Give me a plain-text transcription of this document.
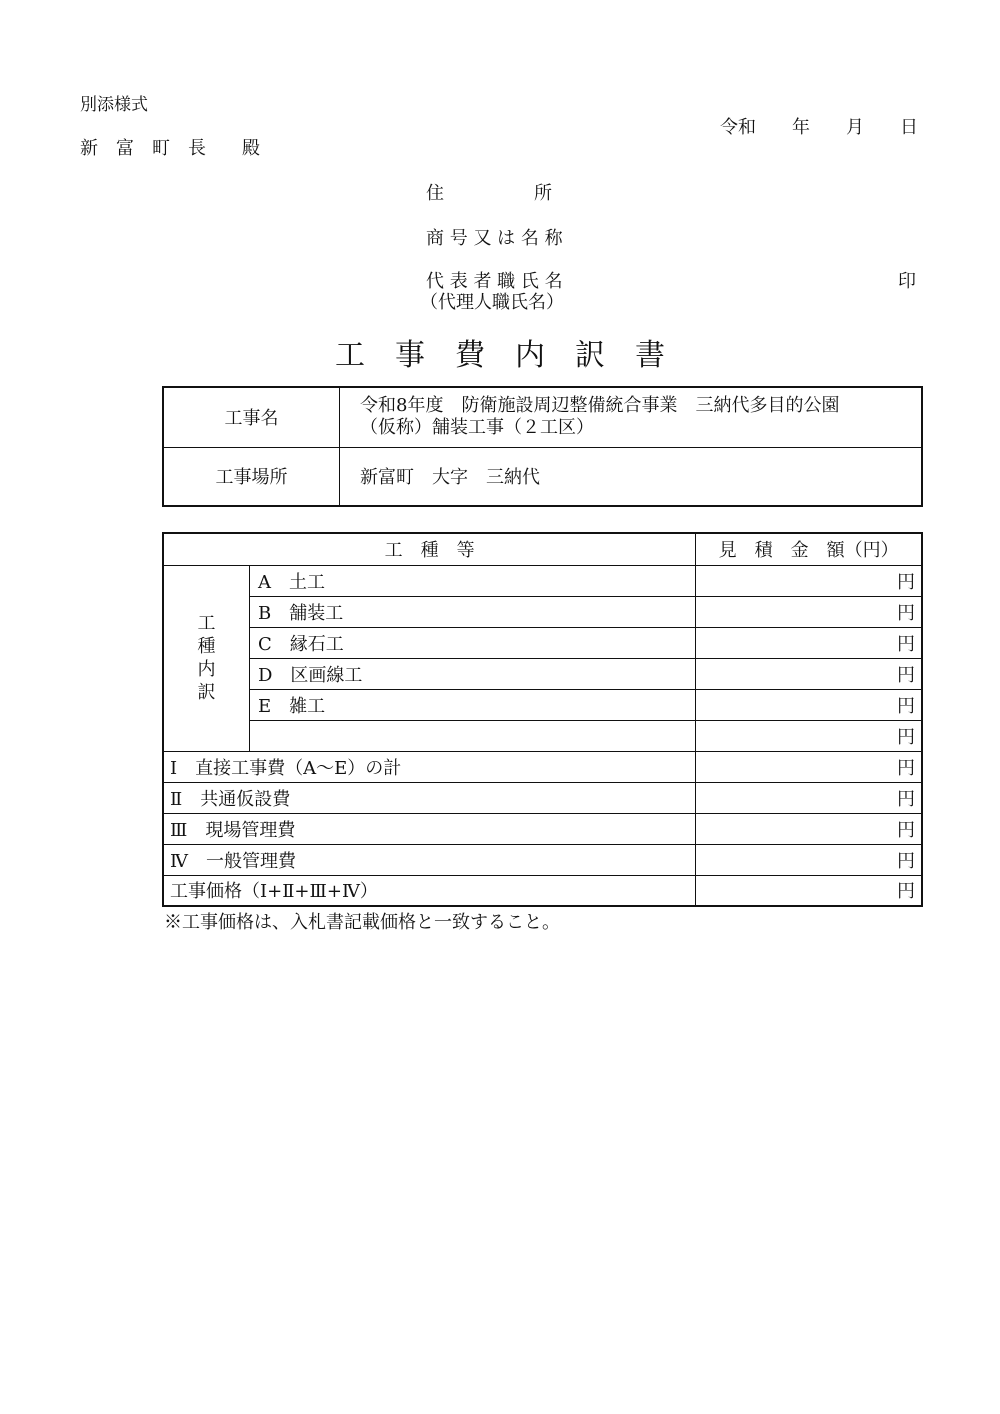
別添様式
令和　　年　　月　　日
新　富　町　長　　殿
住　　　　　所
商 号 又 は 名 称
代 表 者 職 氏 名	印
（代理人職氏名）
工　事　費　内　訳　書
工事名	令和8年度　防衛施設周辺整備統合事業　三納代多目的公園
（仮称）舗装工事（２工区）

工事場所	新富町　大字　三納代
工　種　等		見　積　金　額（円）

工
種
内
訳	A　土工	円
	B　舗装工	円
	C　縁石工	円
	D　区画線工	円
	E　雑工	円
		円
Ⅰ　直接工事費（A～E）の計		円
Ⅱ　共通仮設費		円
Ⅲ　現場管理費		円
Ⅳ　一般管理費		円
工事価格（Ⅰ+Ⅱ+Ⅲ+Ⅳ）		円
※工事価格は、入札書記載価格と一致すること。
